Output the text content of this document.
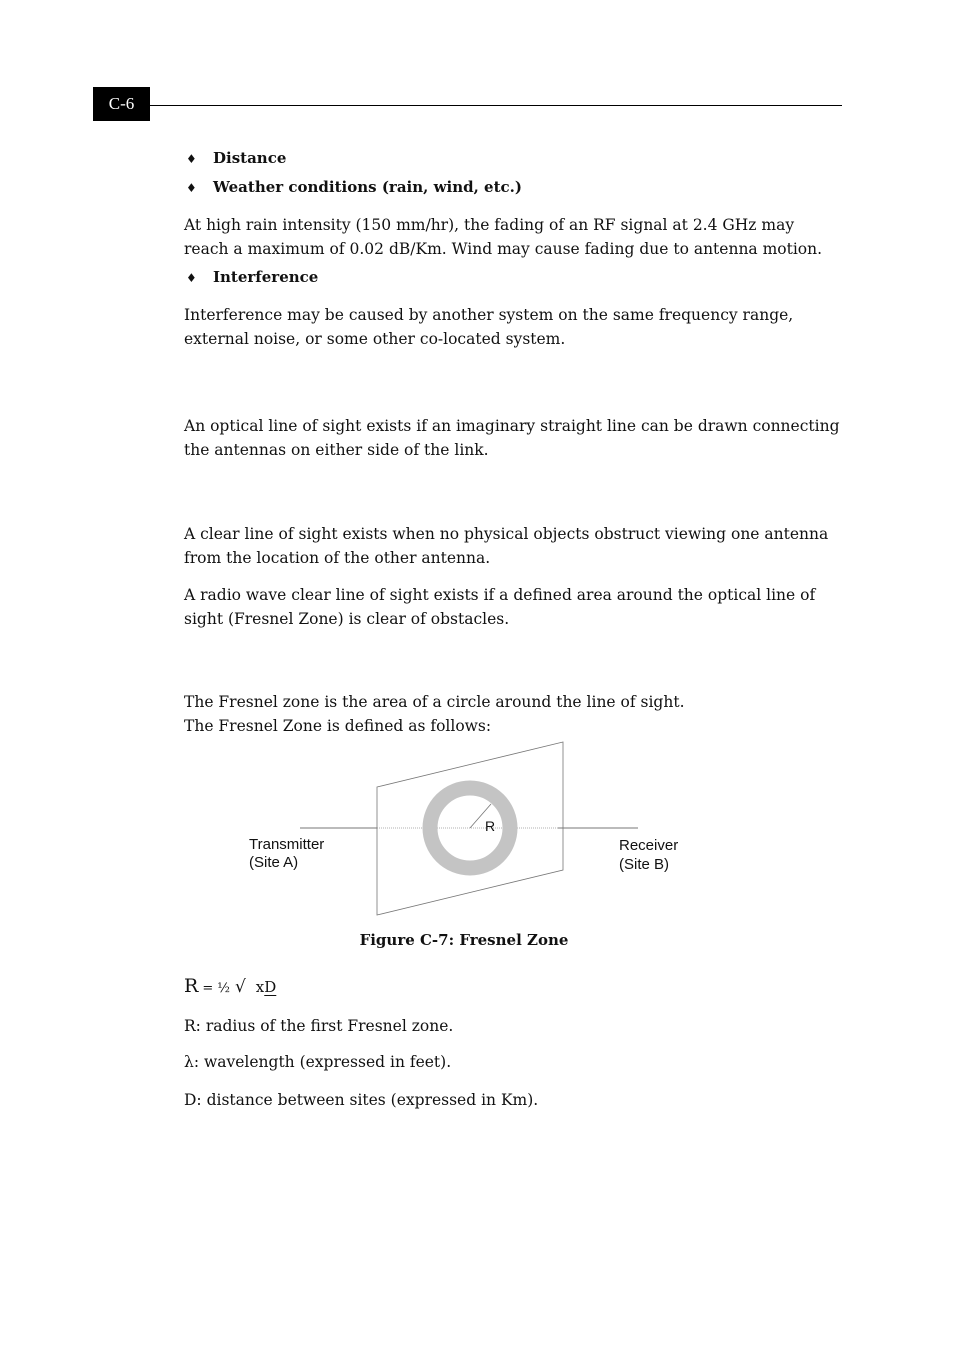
C-6
♦	Distance
♦	Weather conditions (rain, wind, etc.)
At high rain intensity (150 mm/hr), the fading of an RF signal at 2.4 GHz may
reach a maximum of 0.02 dB/Km. Wind may cause fading due to antenna motion.
♦	Interference
Interference may be caused by another system on the same frequency range,
external noise, or some other co-located system.
An optical line of sight exists if an imaginary straight line can be drawn connecting
the antennas on either side of the link.
A clear line of sight exists when no physical objects obstruct viewing one antenna
from the location of the other antenna.
A radio wave clear line of sight exists if a defined area around the optical line of
sight (Fresnel Zone) is clear of obstacles.
The Fresnel zone is the area of a circle around the line of sight.
The Fresnel Zone is defined as follows:
R
Transmitter (Site A)
Receiver (Site B)
Figure C-7: Fresnel Zone
R = ½ √ x D
R: radius of the first Fresnel zone.
λ: wavelength (expressed in feet).
D: distance between sites (expressed in Km).
